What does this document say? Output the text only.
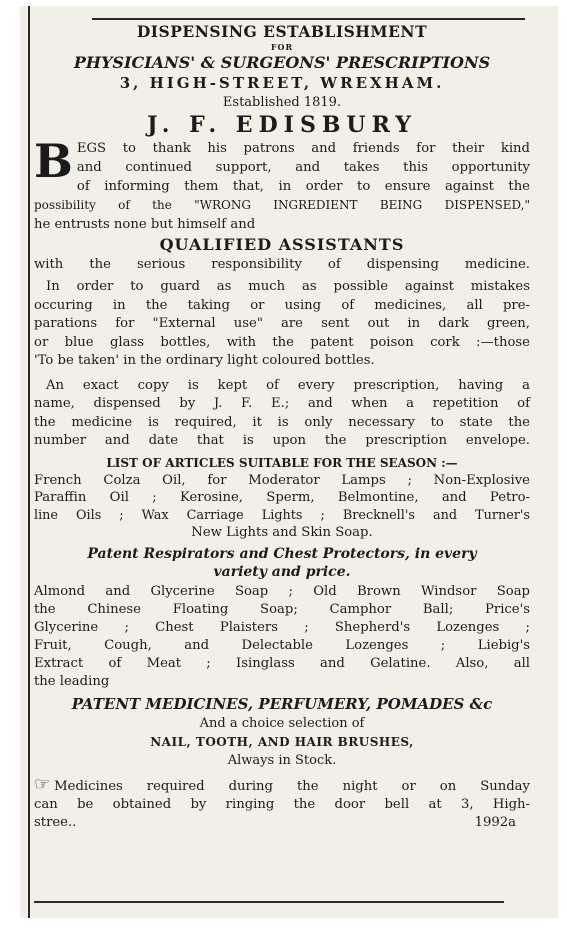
DISPENSING ESTABLISHMENT
FOR
PHYSICIANS' & SURGEONS' PRESCRIPTIONS
3, HIGH-STREET, WREXHAM.
Established 1819.
J. F. EDISBURY
B EGS to thank his patrons and friends for their kind
and continued support, and takes this opportunity
of informing them that, in order to ensure against the
possibility of the "WRONG INGREDIENT BEING DISPENSED,"
he entrusts none but himself and
QUALIFIED ASSISTANTS
with the serious responsibility of dispensing medicine.
In order to guard as much as possible against mistakes
occuring in the taking or using of medicines, all pre-
parations for "External use" are sent out in dark green,
or blue glass bottles, with the patent poison cork :—those
'To be taken' in the ordinary light coloured bottles.
An exact copy is kept of every prescription, having a
name, dispensed by J. F. E.; and when a repetition of
the medicine is required, it is only necessary to state the
number and date that is upon the prescription envelope.
LIST OF ARTICLES SUITABLE FOR THE SEASON :—
French Colza Oil, for Moderator Lamps ; Non-Explosive
Paraffin Oil ; Kerosine, Sperm, Belmontine, and Petro-
line Oils ; Wax Carriage Lights ; Brecknell's and Turner's
New Lights and Skin Soap.
Patent Respirators and Chest Protectors, in every
variety and price.
Almond and Glycerine Soap ; Old Brown Windsor Soap
the Chinese Floating Soap; Camphor Ball; Price's
Glycerine ; Chest Plaisters ; Shepherd's Lozenges ;
Fruit, Cough, and Delectable Lozenges ; Liebig's
Extract of Meat ; Isinglass and Gelatine. Also, all
the leading
PATENT MEDICINES, PERFUMERY, POMADES &c
And a choice selection of
NAIL, TOOTH, AND HAIR BRUSHES,
Always in Stock.
☞ Medicines required during the night or on Sunday
can be obtained by ringing the door bell at 3, High-
stree..	1992a
